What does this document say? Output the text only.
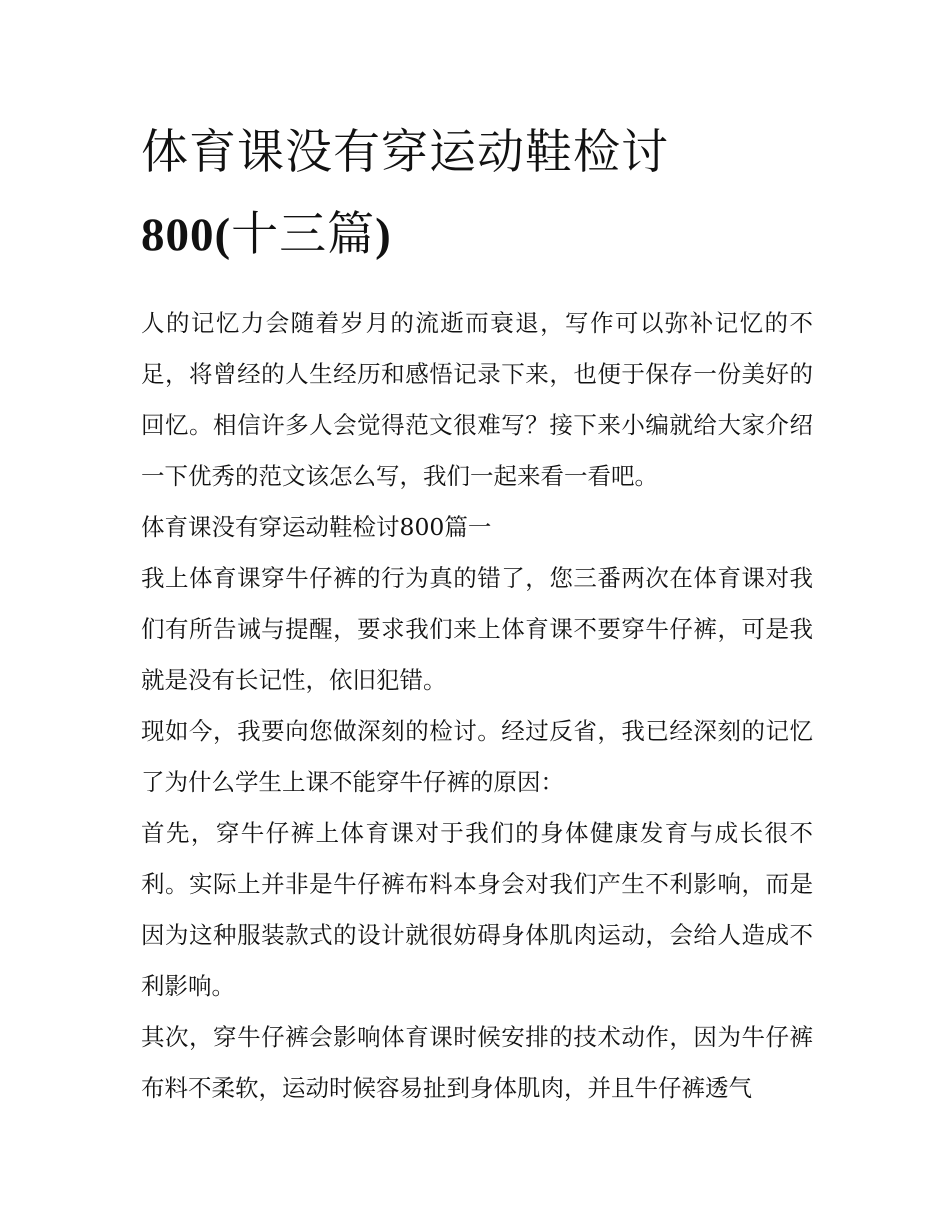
体育课没有穿运动鞋检讨
800(十三篇)

人的记忆力会随着岁月的流逝而衰退，写作可以弥补记忆的不足，将曾经的人生经历和感悟记录下来，也便于保存一份美好的回忆。相信许多人会觉得范文很难写？接下来小编就给大家介绍一下优秀的范文该怎么写，我们一起来看一看吧。

体育课没有穿运动鞋检讨800篇一

我上体育课穿牛仔裤的行为真的错了，您三番两次在体育课对我们有所告诫与提醒，要求我们来上体育课不要穿牛仔裤，可是我就是没有长记性，依旧犯错。

现如今，我要向您做深刻的检讨。经过反省，我已经深刻的记忆了为什么学生上课不能穿牛仔裤的原因：

首先，穿牛仔裤上体育课对于我们的身体健康发育与成长很不利。实际上并非是牛仔裤布料本身会对我们产生不利影响，而是因为这种服装款式的设计就很妨碍身体肌肉运动，会给人造成不利影响。

其次，穿牛仔裤会影响体育课时候安排的技术动作，因为牛仔裤布料不柔软，运动时候容易扯到身体肌肉，并且牛仔裤透气
